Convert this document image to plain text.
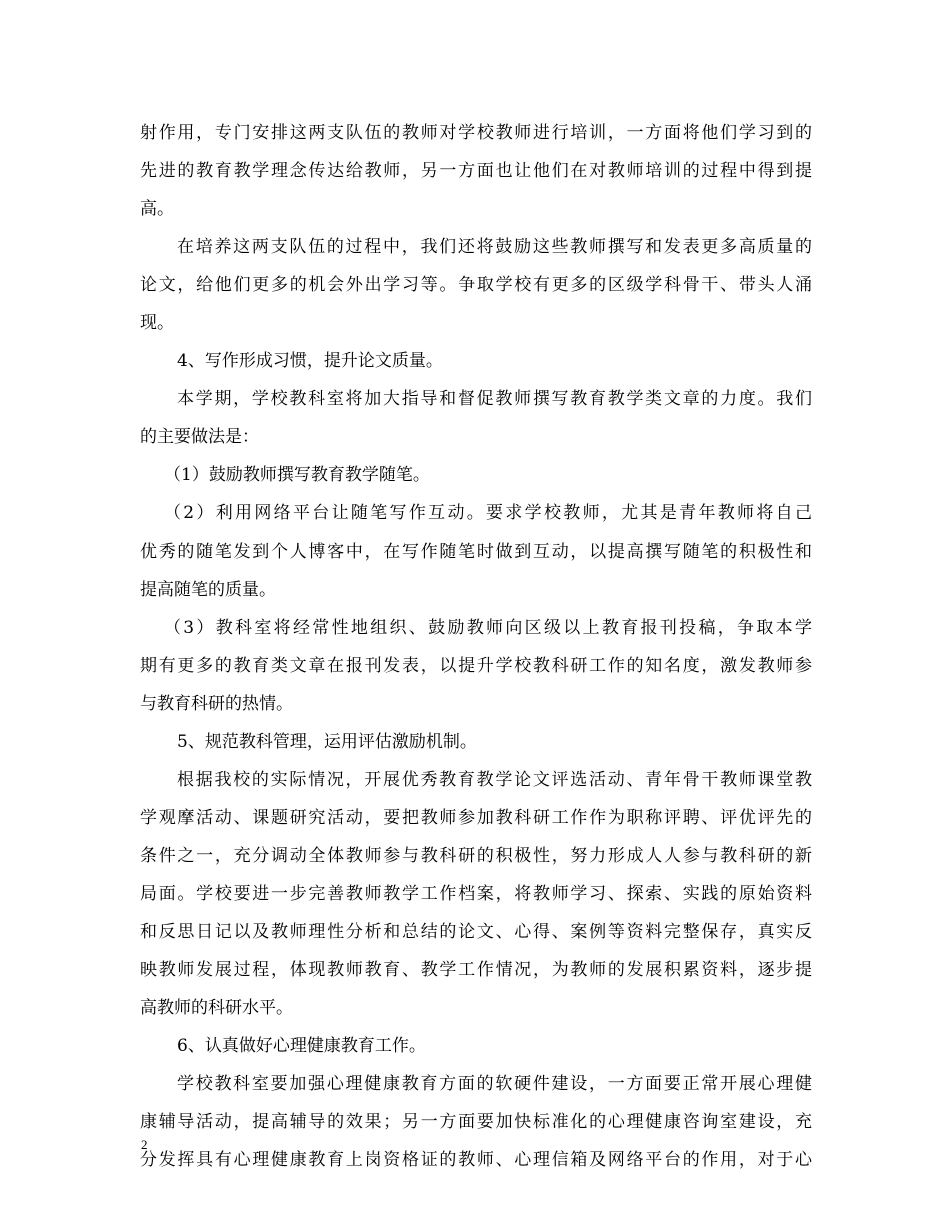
射作用，专门安排这两支队伍的教师对学校教师进行培训，一方面将他们学习到的
先进的教育教学理念传达给教师，另一方面也让他们在对教师培训的过程中得到提
高。
在培养这两支队伍的过程中，我们还将鼓励这些教师撰写和发表更多高质量的
论文，给他们更多的机会外出学习等。争取学校有更多的区级学科骨干、带头人涌
现。
4、写作形成习惯，提升论文质量。
本学期，学校教科室将加大指导和督促教师撰写教育教学类文章的力度。我们
的主要做法是：
（1）鼓励教师撰写教育教学随笔。
（2）利用网络平台让随笔写作互动。要求学校教师，尤其是青年教师将自己
优秀的随笔发到个人博客中，在写作随笔时做到互动，以提高撰写随笔的积极性和
提高随笔的质量。
（3）教科室将经常性地组织、鼓励教师向区级以上教育报刊投稿，争取本学
期有更多的教育类文章在报刊发表，以提升学校教科研工作的知名度，激发教师参
与教育科研的热情。
5、规范教科管理，运用评估激励机制。
根据我校的实际情况，开展优秀教育教学论文评选活动、青年骨干教师课堂教
学观摩活动、课题研究活动，要把教师参加教科研工作作为职称评聘、评优评先的
条件之一，充分调动全体教师参与教科研的积极性，努力形成人人参与教科研的新
局面。学校要进一步完善教师教学工作档案，将教师学习、探索、实践的原始资料
和反思日记以及教师理性分析和总结的论文、心得、案例等资料完整保存，真实反
映教师发展过程，体现教师教育、教学工作情况，为教师的发展积累资料，逐步提
高教师的科研水平。
6、认真做好心理健康教育工作。
学校教科室要加强心理健康教育方面的软硬件建设，一方面要正常开展心理健
康辅导活动，提高辅导的效果；另一方面要加快标准化的心理健康咨询室建设，充
分发挥具有心理健康教育上岗资格证的教师、心理信箱及网络平台的作用，对于心
2
